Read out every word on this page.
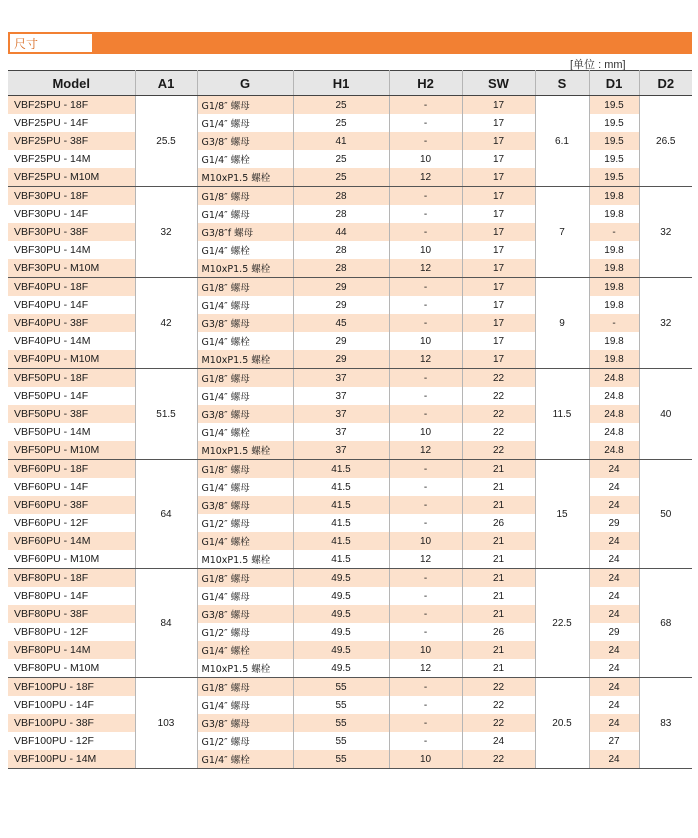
尺寸
[单位 : mm]
Model	A1	G	H1	H2	SW	S	D1	D2
VBF25PU - 18F	25.5	G1/8″ 螺母	25	-	17	6.1	19.5	26.5
VBF25PU - 14F		G1/4″ 螺母	25	-	17		19.5	
VBF25PU - 38F		G3/8″ 螺母	41	-	17		19.5	
VBF25PU - 14M		G1/4″ 螺栓	25	10	17		19.5	
VBF25PU - M10M		M10xP1.5 螺栓	25	12	17		19.5	
VBF30PU - 18F	32	G1/8″ 螺母	28	-	17	7	19.8	32
VBF30PU - 14F		G1/4″ 螺母	28	-	17		19.8	
VBF30PU - 38F		G3/8″f 螺母	44	-	17		-	
VBF30PU - 14M		G1/4″ 螺栓	28	10	17		19.8	
VBF30PU - M10M		M10xP1.5 螺栓	28	12	17		19.8	
VBF40PU - 18F	42	G1/8″ 螺母	29	-	17	9	19.8	32
VBF40PU - 14F		G1/4″ 螺母	29	-	17		19.8	
VBF40PU - 38F		G3/8″ 螺母	45	-	17		-	
VBF40PU - 14M		G1/4″ 螺栓	29	10	17		19.8	
VBF40PU - M10M		M10xP1.5 螺栓	29	12	17		19.8	
VBF50PU - 18F	51.5	G1/8″ 螺母	37	-	22	11.5	24.8	40
VBF50PU - 14F		G1/4″ 螺母	37	-	22		24.8	
VBF50PU - 38F		G3/8″ 螺母	37	-	22		24.8	
VBF50PU - 14M		G1/4″ 螺栓	37	10	22		24.8	
VBF50PU - M10M		M10xP1.5 螺栓	37	12	22		24.8	
VBF60PU - 18F	64	G1/8″ 螺母	41.5	-	21	15	24	50
VBF60PU - 14F		G1/4″ 螺母	41.5	-	21		24	
VBF60PU - 38F		G3/8″ 螺母	41.5	-	21		24	
VBF60PU - 12F		G1/2″ 螺母	41.5	-	26		29	
VBF60PU - 14M		G1/4″ 螺栓	41.5	10	21		24	
VBF60PU - M10M		M10xP1.5 螺栓	41.5	12	21		24	
VBF80PU - 18F	84	G1/8″ 螺母	49.5	-	21	22.5	24	68
VBF80PU - 14F		G1/4″ 螺母	49.5	-	21		24	
VBF80PU - 38F		G3/8″ 螺母	49.5	-	21		24	
VBF80PU - 12F		G1/2″ 螺母	49.5	-	26		29	
VBF80PU - 14M		G1/4″ 螺栓	49.5	10	21		24	
VBF80PU - M10M		M10xP1.5 螺栓	49.5	12	21		24	
VBF100PU - 18F	103	G1/8″ 螺母	55	-	22	20.5	24	83
VBF100PU - 14F		G1/4″ 螺母	55	-	22		24	
VBF100PU - 38F		G3/8″ 螺母	55	-	22		24	
VBF100PU - 12F		G1/2″ 螺母	55	-	24		27	
VBF100PU - 14M		G1/4″ 螺栓	55	10	22		24	
